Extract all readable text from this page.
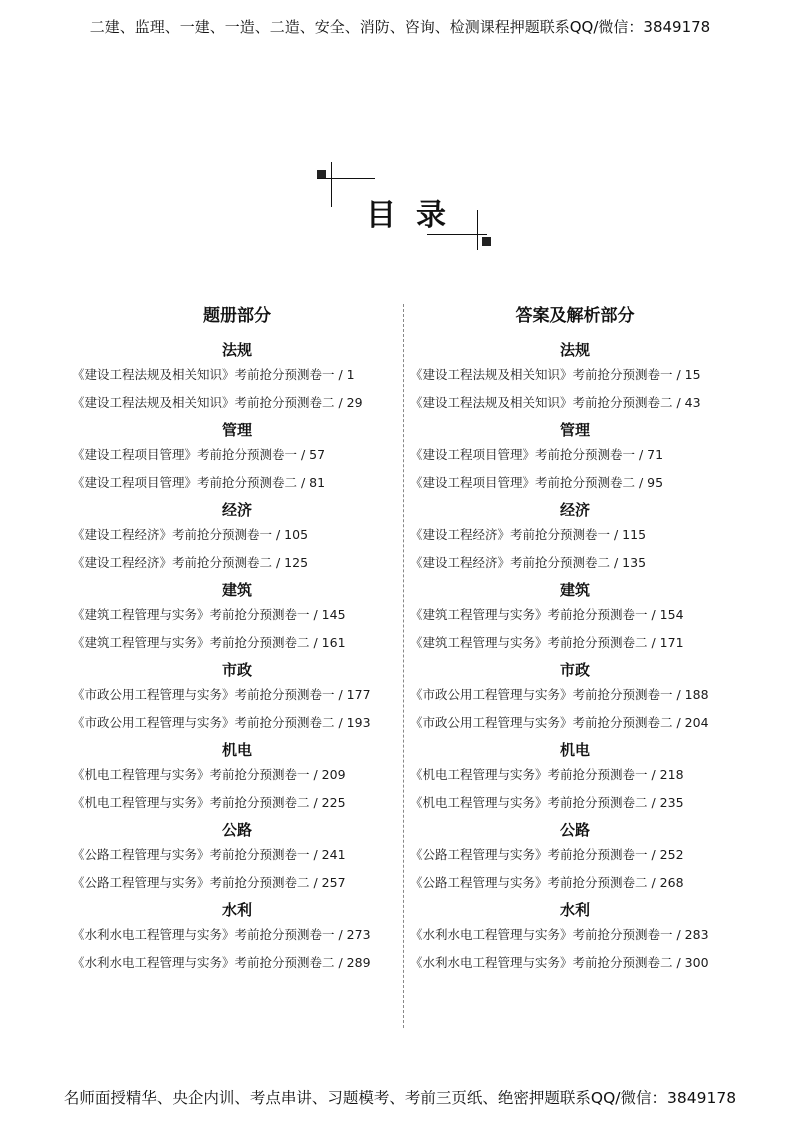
二建、监理、一建、一造、二造、安全、消防、咨询、检测课程押题联系QQ/微信：3849178
目录
题册部分
法规
《建设工程法规及相关知识》考前抢分预测卷一 / 1
《建设工程法规及相关知识》考前抢分预测卷二 / 29
管理
《建设工程项目管理》考前抢分预测卷一 / 57
《建设工程项目管理》考前抢分预测卷二 / 81
经济
《建设工程经济》考前抢分预测卷一 / 105
《建设工程经济》考前抢分预测卷二 / 125
建筑
《建筑工程管理与实务》考前抢分预测卷一 / 145
《建筑工程管理与实务》考前抢分预测卷二 / 161
市政
《市政公用工程管理与实务》考前抢分预测卷一 / 177
《市政公用工程管理与实务》考前抢分预测卷二 / 193
机电
《机电工程管理与实务》考前抢分预测卷一 / 209
《机电工程管理与实务》考前抢分预测卷二 / 225
公路
《公路工程管理与实务》考前抢分预测卷一 / 241
《公路工程管理与实务》考前抢分预测卷二 / 257
水利
《水利水电工程管理与实务》考前抢分预测卷一 / 273
《水利水电工程管理与实务》考前抢分预测卷二 / 289
答案及解析部分
法规
《建设工程法规及相关知识》考前抢分预测卷一 / 15
《建设工程法规及相关知识》考前抢分预测卷二 / 43
管理
《建设工程项目管理》考前抢分预测卷一 / 71
《建设工程项目管理》考前抢分预测卷二 / 95
经济
《建设工程经济》考前抢分预测卷一 / 115
《建设工程经济》考前抢分预测卷二 / 135
建筑
《建筑工程管理与实务》考前抢分预测卷一 / 154
《建筑工程管理与实务》考前抢分预测卷二 / 171
市政
《市政公用工程管理与实务》考前抢分预测卷一 / 188
《市政公用工程管理与实务》考前抢分预测卷二 / 204
机电
《机电工程管理与实务》考前抢分预测卷一 / 218
《机电工程管理与实务》考前抢分预测卷二 / 235
公路
《公路工程管理与实务》考前抢分预测卷一 / 252
《公路工程管理与实务》考前抢分预测卷二 / 268
水利
《水利水电工程管理与实务》考前抢分预测卷一 / 283
《水利水电工程管理与实务》考前抢分预测卷二 / 300
名师面授精华、央企内训、考点串讲、习题模考、考前三页纸、绝密押题联系QQ/微信：3849178
